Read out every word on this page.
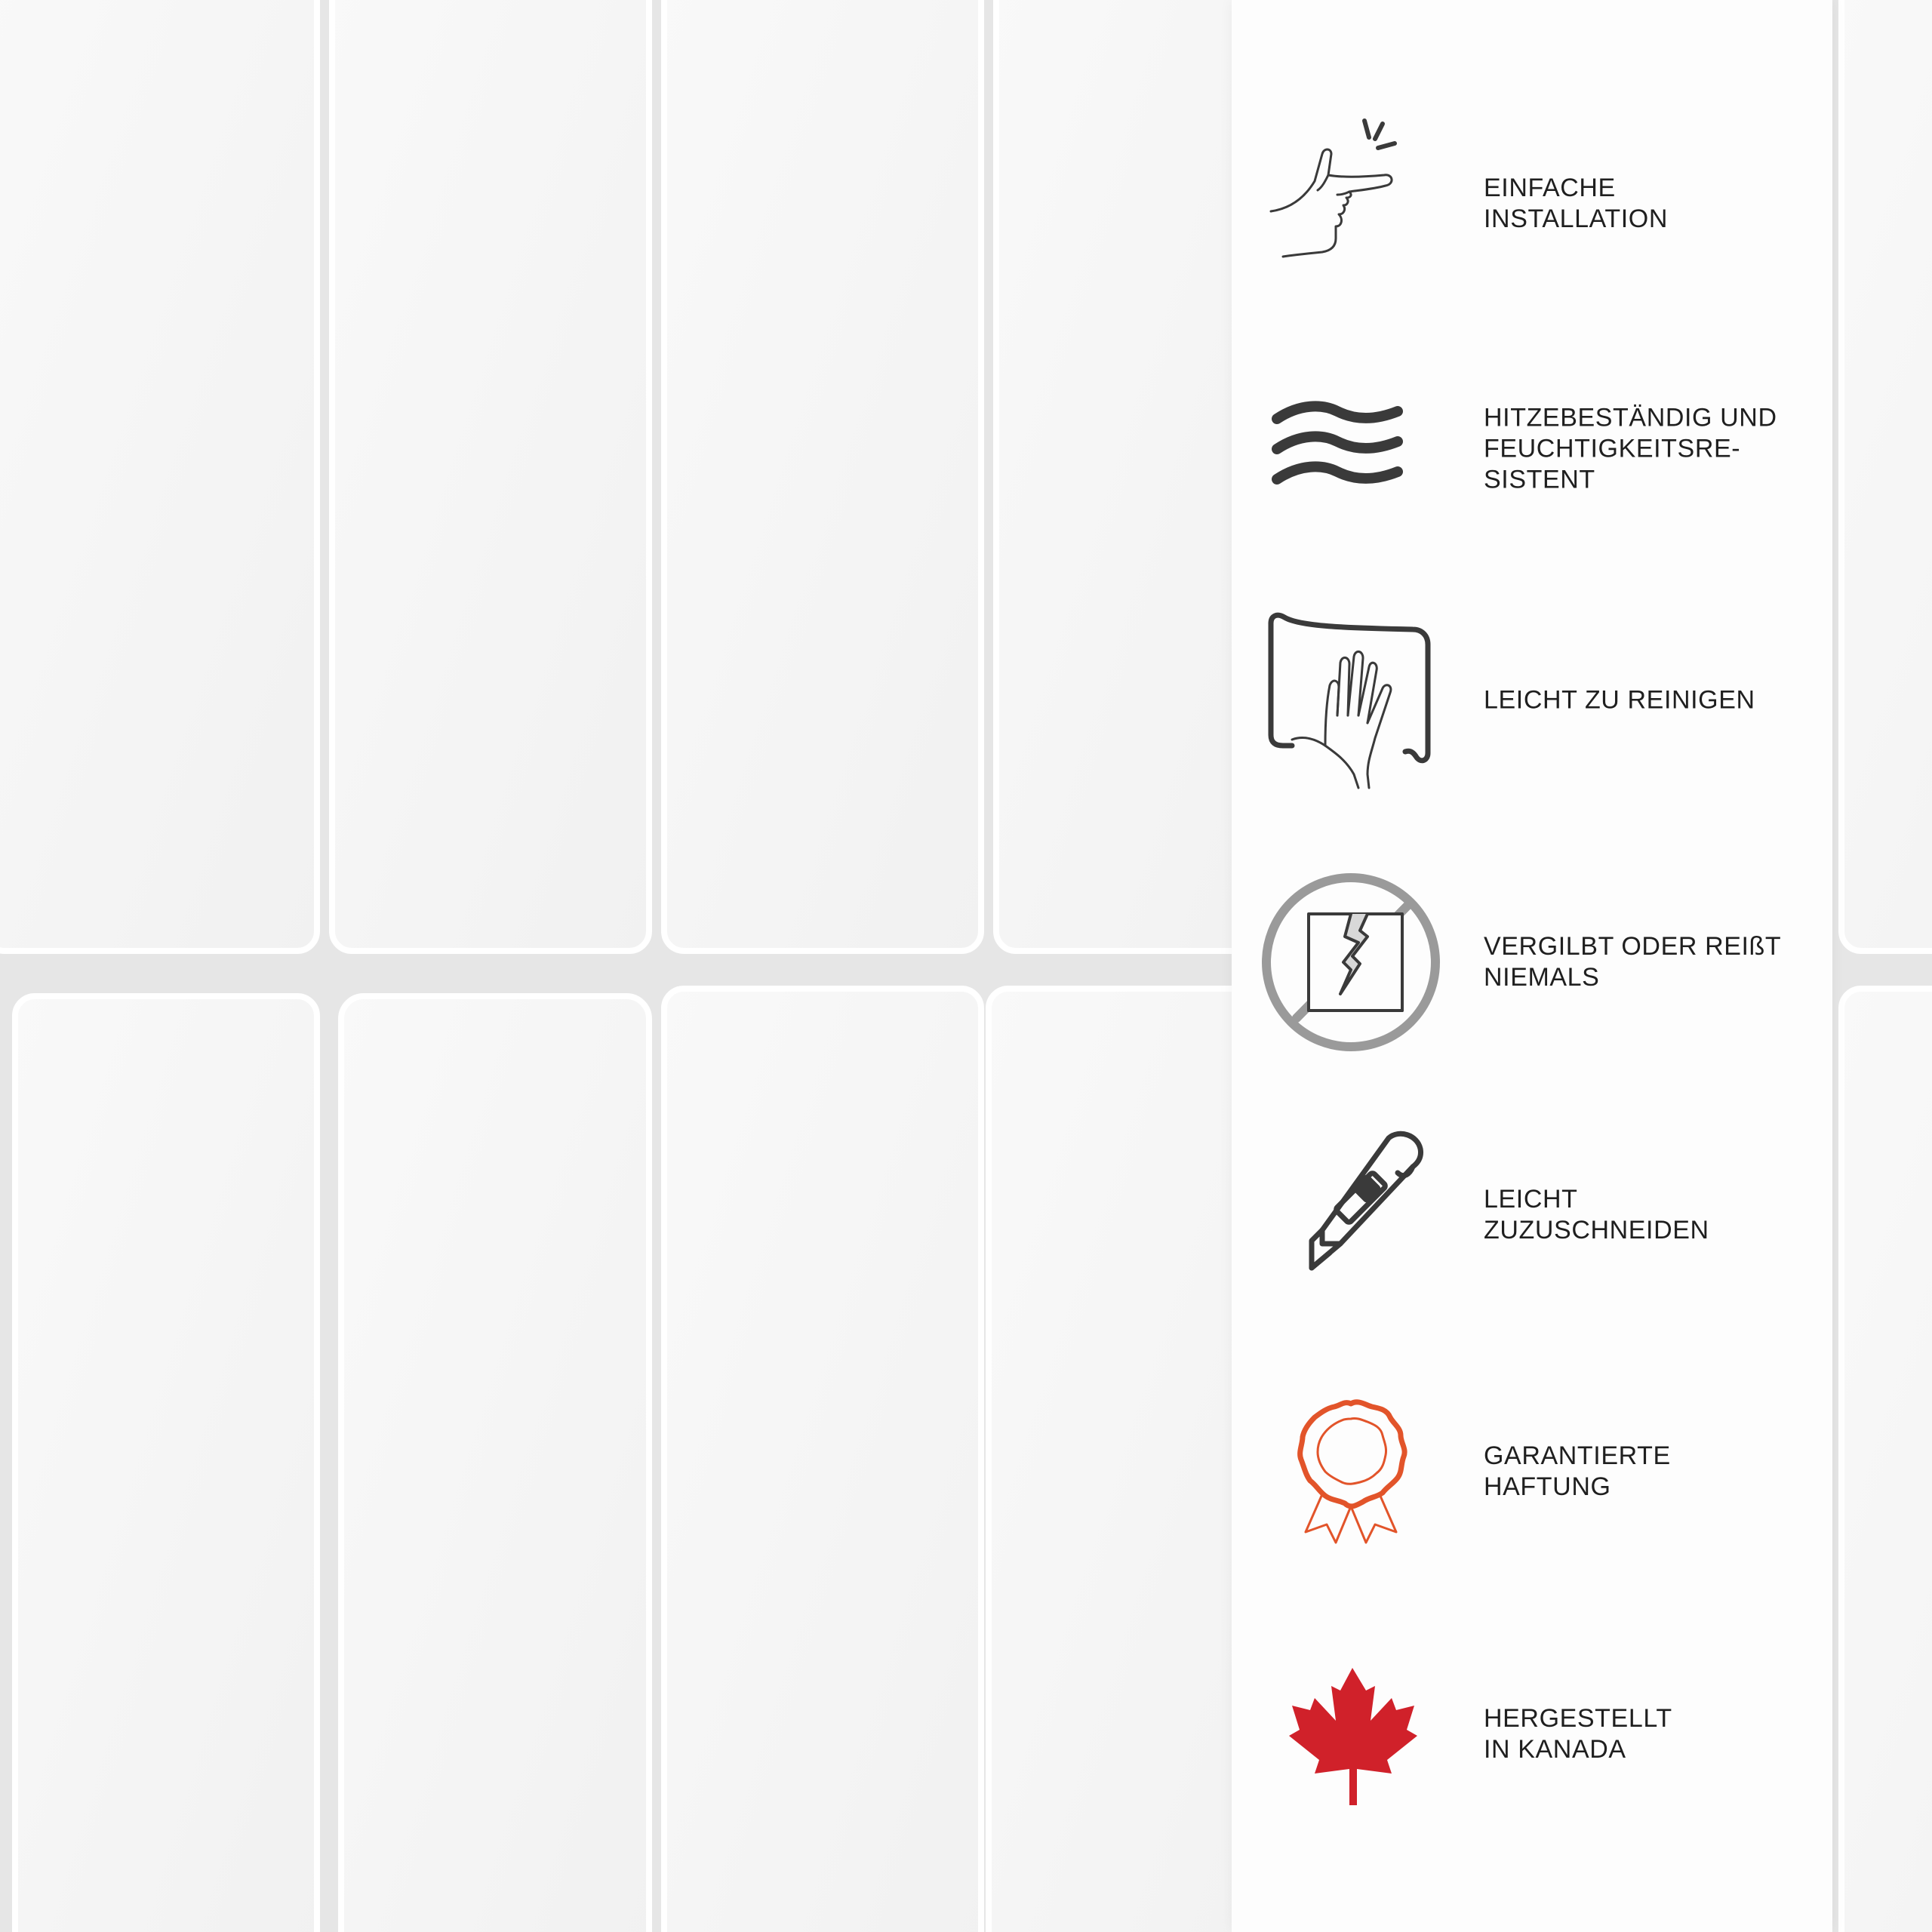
EINFACHE
INSTALLATION
HITZEBESTÄNDIG UND
FEUCHTIGKEITSRE-
SISTENT
LEICHT ZU REINIGEN
VERGILBT ODER REIßT
NIEMALS
LEICHT
ZUZUSCHNEIDEN
GARANTIERTE
HAFTUNG
HERGESTELLT
IN KANADA
